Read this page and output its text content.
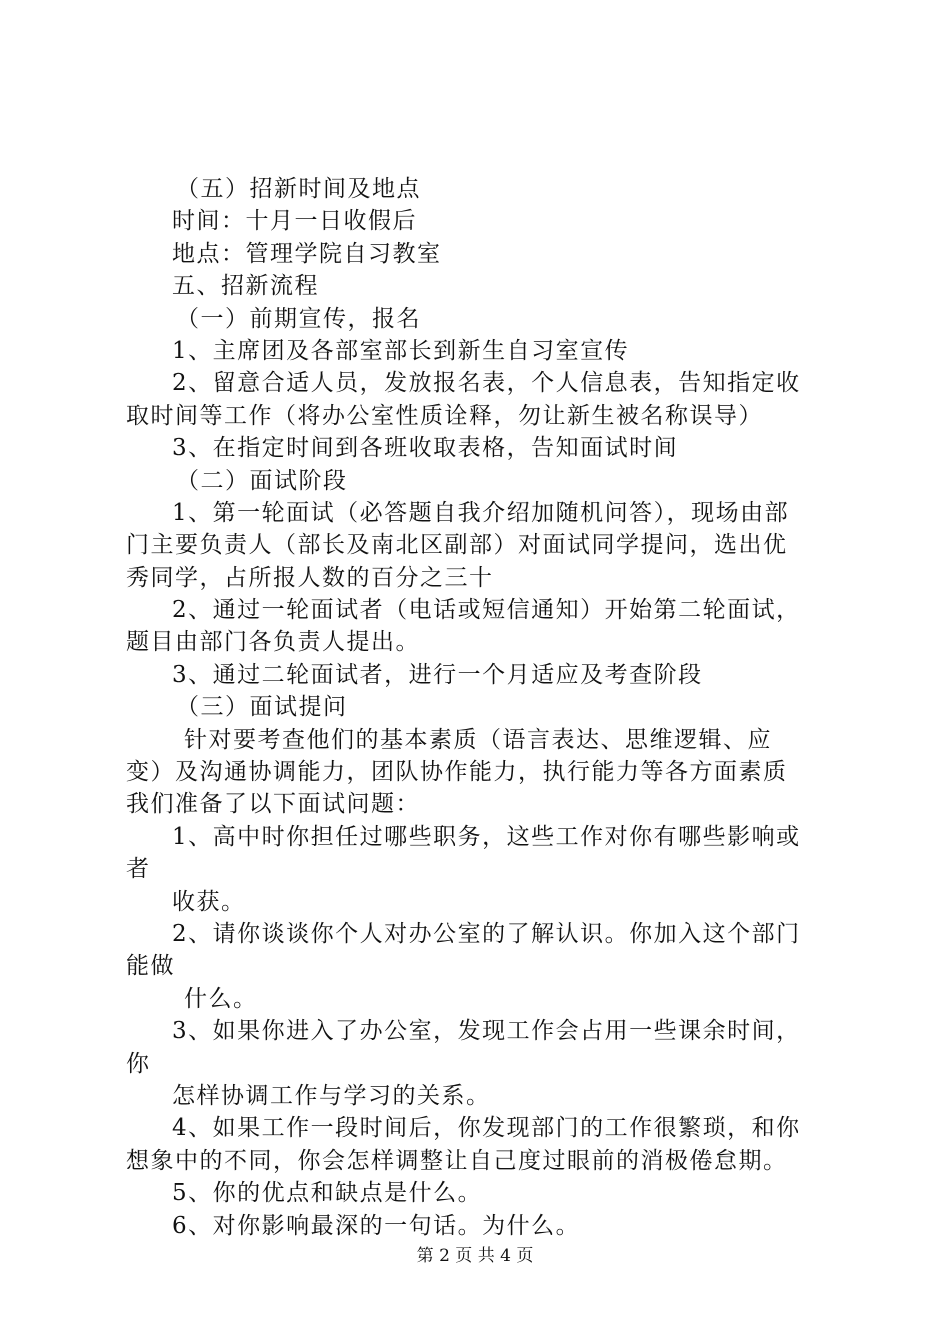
（五）招新时间及地点
时间：十月一日收假后
地点：管理学院自习教室
五、招新流程
（一）前期宣传，报名
1、主席团及各部室部长到新生自习室宣传
2、留意合适人员，发放报名表，个人信息表，告知指定收
取时间等工作（将办公室性质诠释，勿让新生被名称误导）
3、在指定时间到各班收取表格，告知面试时间
（二）面试阶段
1、第一轮面试（必答题自我介绍加随机问答），现场由部
门主要负责人（部长及南北区副部）对面试同学提问，选出优
秀同学，占所报人数的百分之三十
2、通过一轮面试者（电话或短信通知）开始第二轮面试，
题目由部门各负责人提出。
3、通过二轮面试者，进行一个月适应及考查阶段
（三）面试提问
针对要考查他们的基本素质（语言表达、思维逻辑、应
变）及沟通协调能力，团队协作能力，执行能力等各方面素质
我们准备了以下面试问题：
1、高中时你担任过哪些职务，这些工作对你有哪些影响或
者
收获。
2、请你谈谈你个人对办公室的了解认识。你加入这个部门
能做
什么。
3、如果你进入了办公室，发现工作会占用一些课余时间，
你
怎样协调工作与学习的关系。
4、如果工作一段时间后，你发现部门的工作很繁琐，和你
想象中的不同，你会怎样调整让自己度过眼前的消极倦怠期。
5、你的优点和缺点是什么。
6、对你影响最深的一句话。为什么。
第 2 页 共 4 页
